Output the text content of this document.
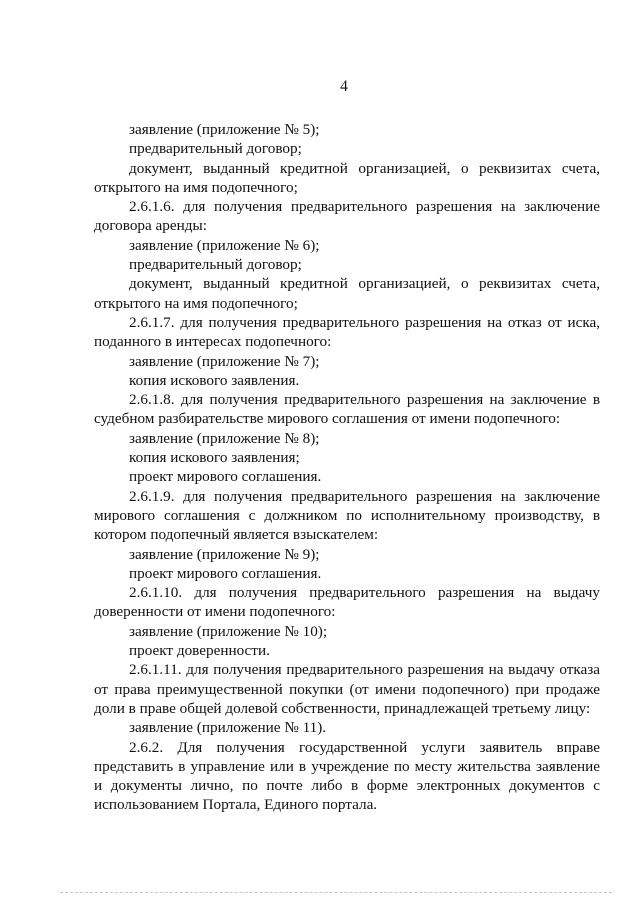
4

заявление (приложение № 5);

предварительный договор;

документ, выданный кредитной организацией, о реквизитах счета, открытого на имя подопечного;

2.6.1.6. для получения предварительного разрешения на заключение договора аренды:

заявление (приложение № 6);

предварительный договор;

документ, выданный кредитной организацией, о реквизитах счета, открытого на имя подопечного;

2.6.1.7. для получения предварительного разрешения на отказ от иска, поданного в интересах подопечного:

заявление (приложение № 7);

копия искового заявления.

2.6.1.8. для получения предварительного разрешения на заключение в судебном разбирательстве мирового соглашения от имени подопечного:

заявление (приложение № 8);

копия искового заявления;

проект мирового соглашения.

2.6.1.9. для получения предварительного разрешения на заключение мирового соглашения с должником по исполнительному производству, в котором подопечный является взыскателем:

заявление (приложение № 9);

проект мирового соглашения.

2.6.1.10. для получения предварительного разрешения на выдачу доверенности от имени подопечного:

заявление (приложение № 10);

проект доверенности.

2.6.1.11. для получения предварительного разрешения на выдачу отказа от права преимущественной покупки (от имени подопечного) при продаже доли в праве общей долевой собственности, принадлежащей третьему лицу:

заявление (приложение № 11).

2.6.2. Для получения государственной услуги заявитель вправе представить в управление или в учреждение по месту жительства заявление и документы лично, по почте либо в форме электронных документов с использованием Портала, Единого портала.
